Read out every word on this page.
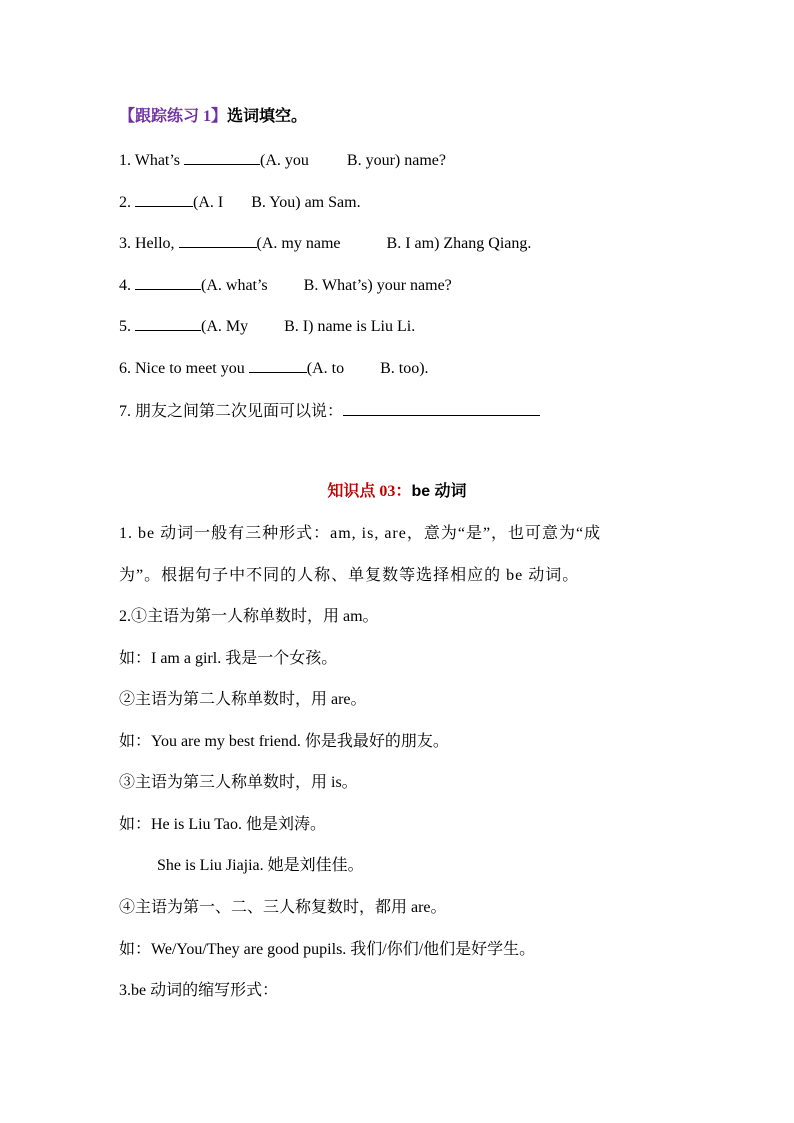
【跟踪练习 1】选词填空。
1. What’s	(A. you B. your) name?
2.	(A. I B. You) am Sam.
3. Hello,	(A. my name	B. I am) Zhang Qiang.
4.	(A. what’s B. What’s) your name?
5.	(A. My B. I) name is Liu Li.
6. Nice to meet you	(A. to B. too).
7. 朋友之间第二次见面可以说：
知识点 03：be 动词
1. be 动词一般有三种形式：am, is, are，意为“是”，也可意为“成
为”。根据句子中不同的人称、单复数等选择相应的 be 动词。
2.①主语为第一人称单数时，用 am。
如：I am a girl. 我是一个女孩。
②主语为第二人称单数时，用 are。
如：You are my best friend. 你是我最好的朋友。
③主语为第三人称单数时，用 is。
如：He is Liu Tao. 他是刘涛。
She is Liu Jiajia. 她是刘佳佳。
④主语为第一、二、三人称复数时，都用 are。
如：We/You/They are good pupils. 我们/你们/他们是好学生。
3.be 动词的缩写形式：
